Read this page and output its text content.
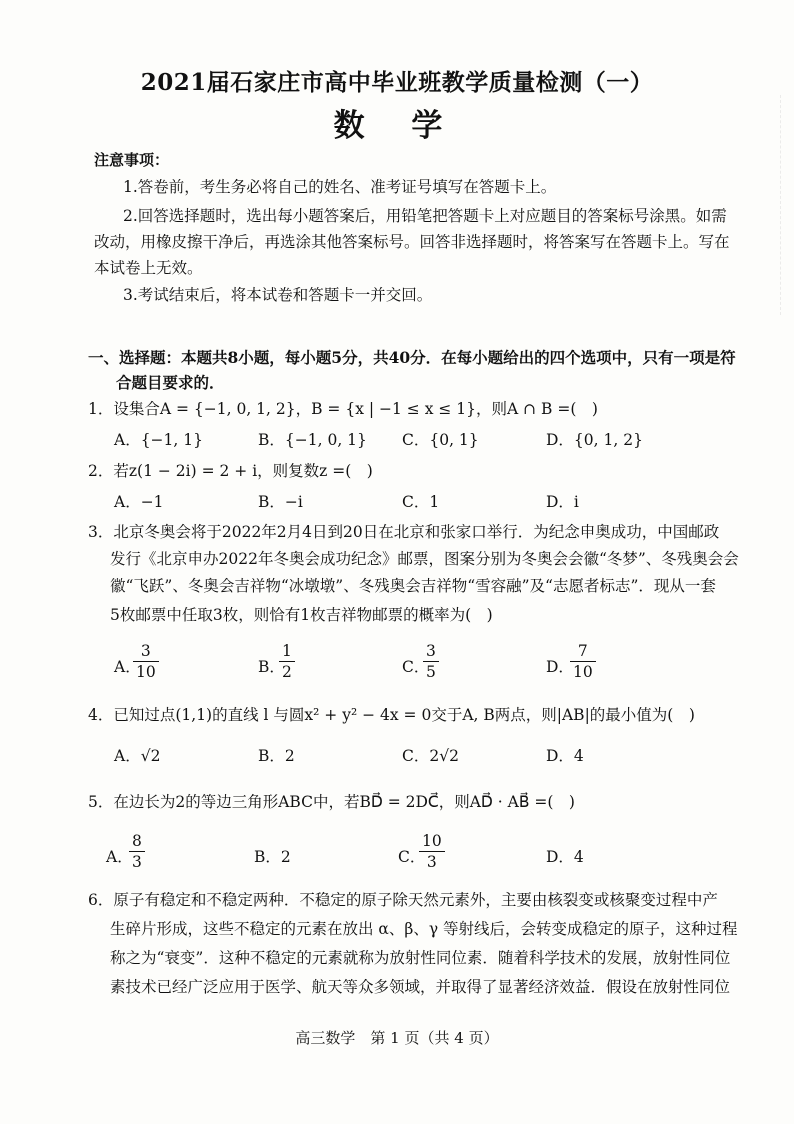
2021届石家庄市高中毕业班教学质量检测（一）
数 学
注意事项：
1.答卷前，考生务必将自己的姓名、准考证号填写在答题卡上。
2.回答选择题时，选出每小题答案后，用铅笔把答题卡上对应题目的答案标号涂黑。如需
改动，用橡皮擦干净后，再选涂其他答案标号。回答非选择题时，将答案写在答题卡上。写在
本试卷上无效。
3.考试结束后，将本试卷和答题卡一并交回。
一、选择题：本题共8小题，每小题5分，共40分．在每小题给出的四个选项中，只有一项是符
合题目要求的．
1．设集合A = {−1, 0, 1, 2}，B = {x | −1 ≤ x ≤ 1}，则A ∩ B =(　)
A．{−1, 1}	B．{−1, 0, 1} C．{0, 1}	D．{0, 1, 2}
2．若z(1 − 2i) = 2 + i，则复数z =(　)
A．−1	B．−i	C．1	D．i
3．北京冬奥会将于2022年2月4日到20日在北京和张家口举行．为纪念申奥成功，中国邮政
发行《北京申办2022年冬奥会成功纪念》邮票，图案分别为冬奥会会徽“冬梦”、冬残奥会会
徽“飞跃”、冬奥会吉祥物“冰墩墩”、冬残奥会吉祥物“雪容融”及“志愿者标志”．现从一套
5枚邮票中任取3枚，则恰有1枚吉祥物邮票的概率为(　)
A．
3
10	B．
1
2	C．
3
5	D．
7
10
4．已知过点(1,1)的直线 l 与圆x² + y² − 4x = 0交于A, B两点，则|AB|的最小值为(　)
A．√2	B．2	C．2√2	D．4
5．在边长为2的等边三角形ABC中，若BD⃗ = 2DC⃗，则AD⃗ · AB⃗ =(　)
A．
8
3	B．2	C．
10
3	D．4
6．原子有稳定和不稳定两种．不稳定的原子除天然元素外，主要由核裂变或核聚变过程中产
生碎片形成，这些不稳定的元素在放出 α、β、γ 等射线后，会转变成稳定的原子，这种过程
称之为“衰变”．这种不稳定的元素就称为放射性同位素．随着科学技术的发展，放射性同位
素技术已经广泛应用于医学、航天等众多领域，并取得了显著经济效益．假设在放射性同位
高三数学　第 1 页（共 4 页）
